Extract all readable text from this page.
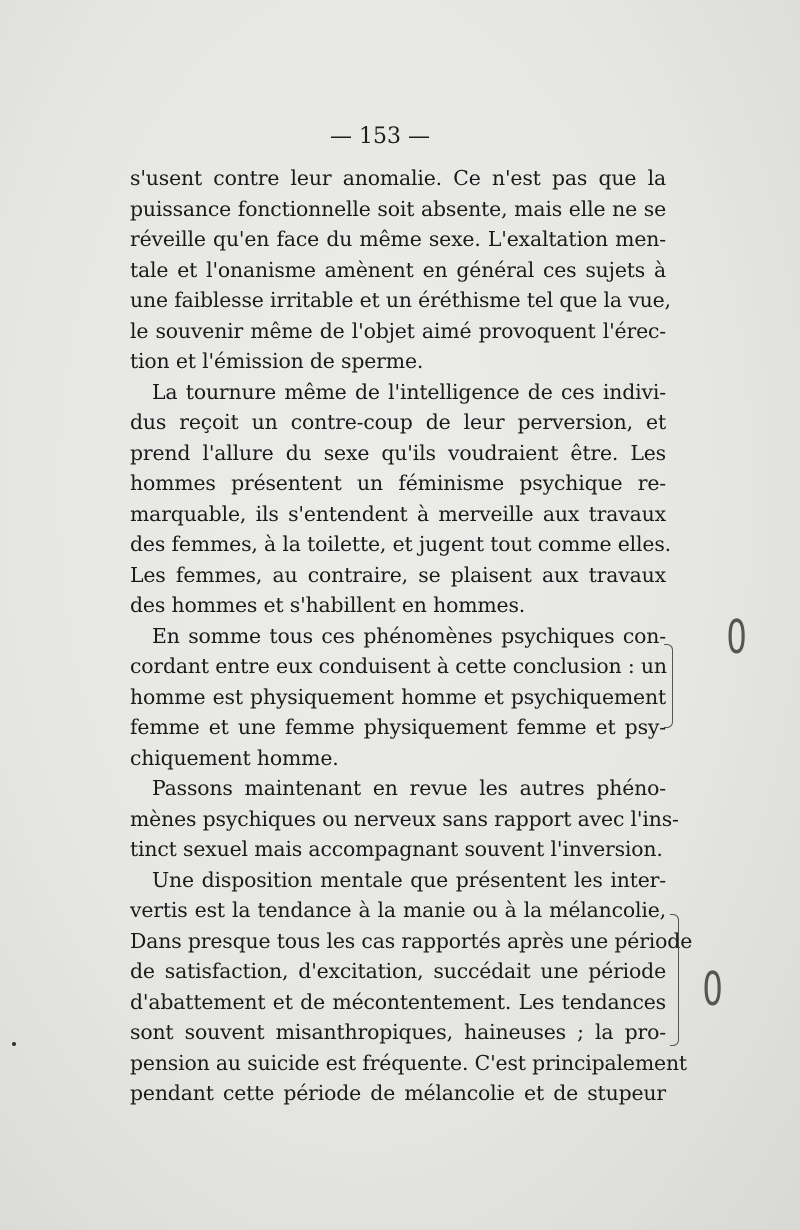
— 153 —
s'usent contre leur anomalie. Ce n'est pas que la
puissance fonctionnelle soit absente, mais elle ne se
réveille qu'en face du même sexe. L'exaltation men-
tale et l'onanisme amènent en général ces sujets à
une faiblesse irritable et un éréthisme tel que la vue,
le souvenir même de l'objet aimé provoquent l'érec-
tion et l'émission de sperme.
La tournure même de l'intelligence de ces indivi-
dus reçoit un contre-coup de leur perversion, et
prend l'allure du sexe qu'ils voudraient être. Les
hommes présentent un féminisme psychique re-
marquable, ils s'entendent à merveille aux travaux
des femmes, à la toilette, et jugent tout comme elles.
Les femmes, au contraire, se plaisent aux travaux
des hommes et s'habillent en hommes.
En somme tous ces phénomènes psychiques con-
cordant entre eux conduisent à cette conclusion : un
homme est physiquement homme et psychiquement
femme et une femme physiquement femme et psy-
chiquement homme.
Passons maintenant en revue les autres phéno-
mènes psychiques ou nerveux sans rapport avec l'ins-
tinct sexuel mais accompagnant souvent l'inversion.
Une disposition mentale que présentent les inter-
vertis est la tendance à la manie ou à la mélancolie,
Dans presque tous les cas rapportés après une période
de satisfaction, d'excitation, succédait une période
d'abattement et de mécontentement. Les tendances
sont souvent misanthropiques, haineuses ; la pro-
pension au suicide est fréquente. C'est principalement
pendant cette période de mélancolie et de stupeur
0
0
